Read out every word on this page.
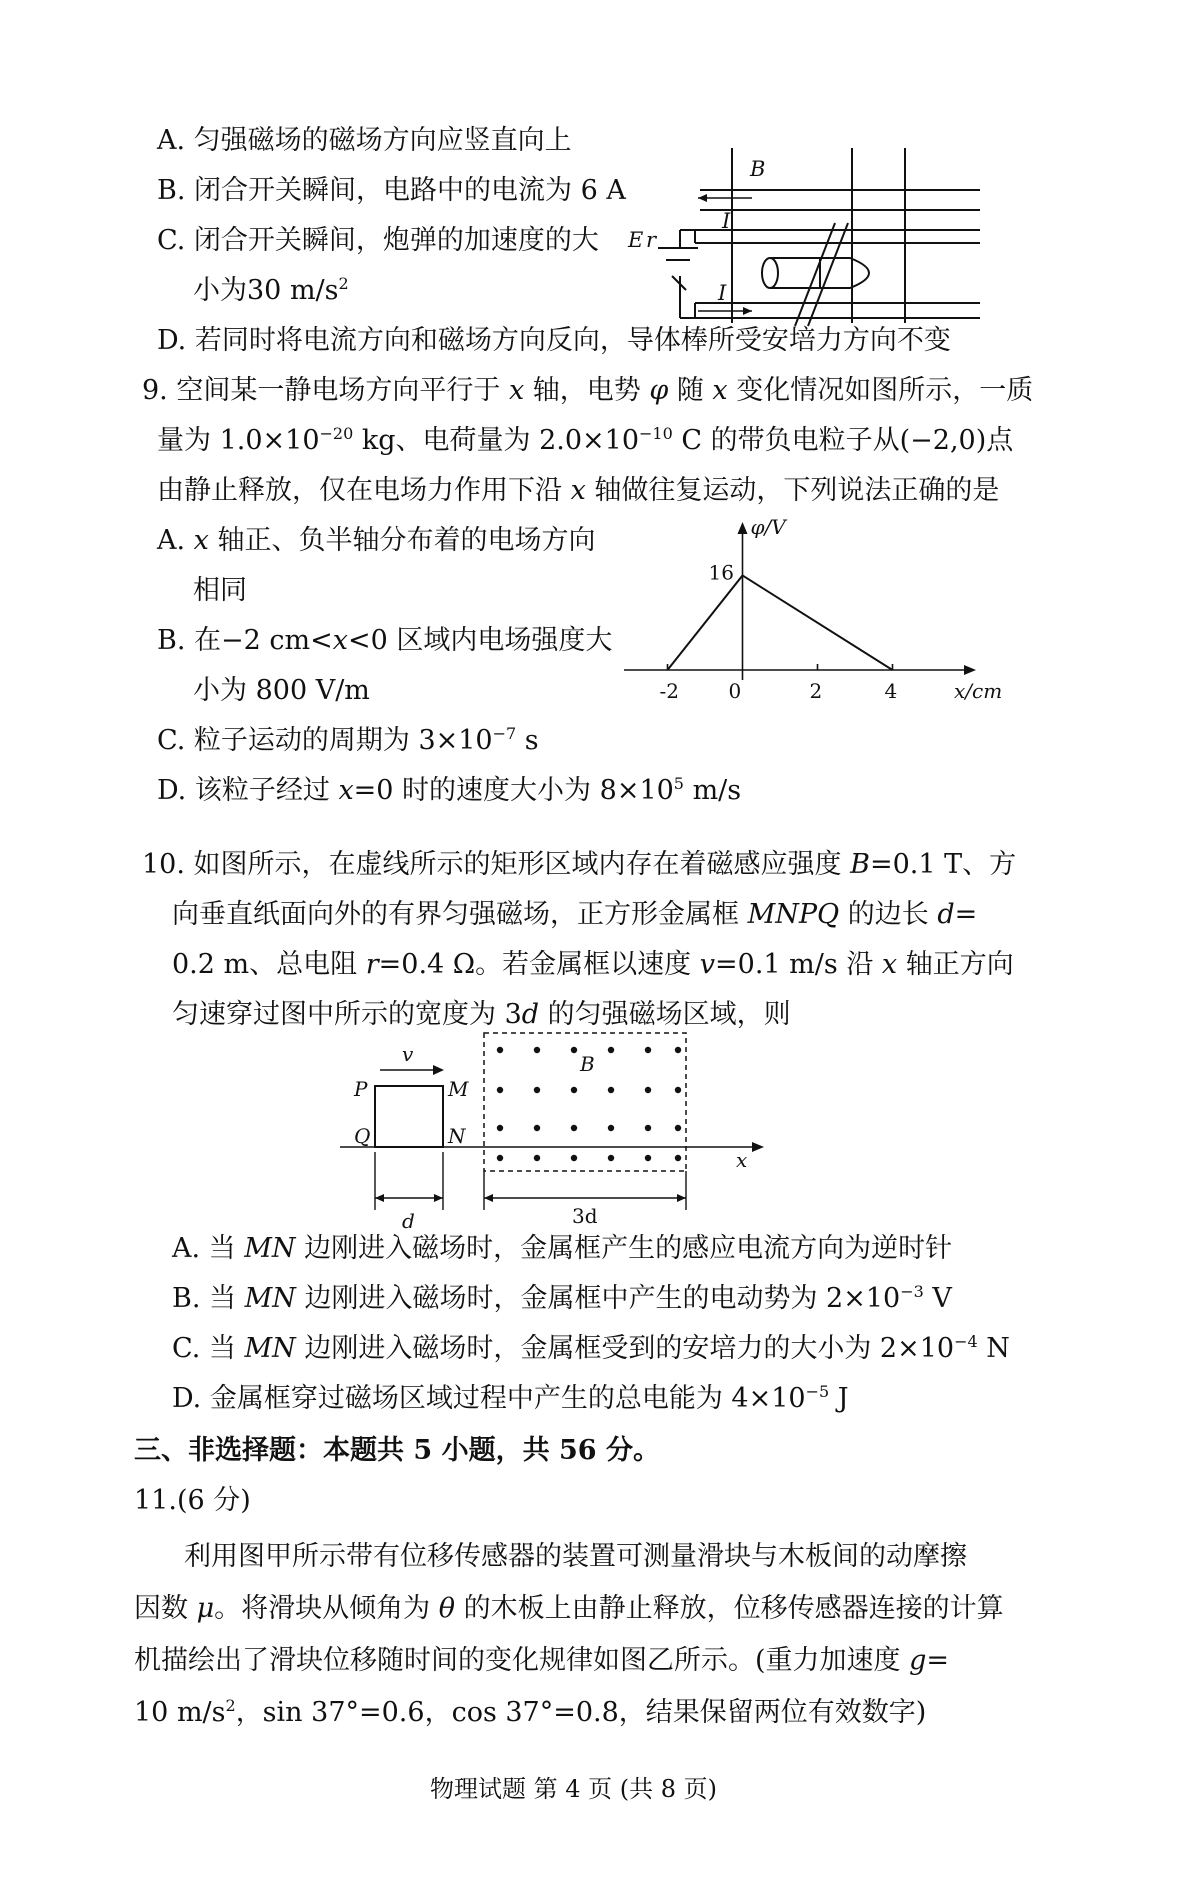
A. 匀强磁场的磁场方向应竖直向上
B. 闭合开关瞬间，电路中的电流为 6 A
C. 闭合开关瞬间，炮弹的加速度的大
小为30 $m/s^2$
D. 若同时将电流方向和磁场方向反向，导体棒所受安培力方向不变
E r
B
I
I
9. 空间某一静电场方向平行于 x 轴，电势 φ 随 x 变化情况如图所示，一质
量为 $1.0\times 10^{-20}$ kg、电荷量为 $2.0\times 10^{-10}$ C 的带负电粒子从(−2,0)点
由静止释放，仅在电场力作用下沿 x 轴做往复运动，下列说法正确的是
A. x 轴正、负半轴分布着的电场方向
相同
B. 在−2 cm<x<0 区域内电场强度大
小为 800 V/m
C. 粒子运动的周期为 $3\times 10^{-7}$ s
D. 该粒子经过 x=0 时的速度大小为 $8\times 10^5$ m/s
-2 0	2	4
16
φ/V
x/cm
10. 如图所示，在虚线所示的矩形区域内存在着磁感应强度 B=0.1 T、方
向垂直纸面向外的有界匀强磁场，正方形金属框 MNPQ 的边长 d=
0.2 m、总电阻 r=0.4 Ω。若金属框以速度 v=0.1 m/s 沿 x 轴正方向
匀速穿过图中所示的宽度为 3d 的匀强磁场区域，则
v
P	M
Q	N
B
x
d	3d
A. 当 MN 边刚进入磁场时，金属框产生的感应电流方向为逆时针
B. 当 MN 边刚进入磁场时，金属框中产生的电动势为 $2\times 10^{-3}$ V
C. 当 MN 边刚进入磁场时，金属框受到的安培力的大小为 $2\times 10^{-4}$ N
D. 金属框穿过磁场区域过程中产生的总电能为 $4\times 10^{-5}$ J
三、非选择题：本题共 5 小题，共 56 分。
11.(6 分)
利用图甲所示带有位移传感器的装置可测量滑块与木板间的动摩擦
因数 μ。将滑块从倾角为 θ 的木板上由静止释放，位移传感器连接的计算
机描绘出了滑块位移随时间的变化规律如图乙所示。(重力加速度 g=
10 $m/s^2$，sin 37°=0.6，cos 37°=0.8，结果保留两位有效数字)
物理试题 第 4 页 (共 8 页)
